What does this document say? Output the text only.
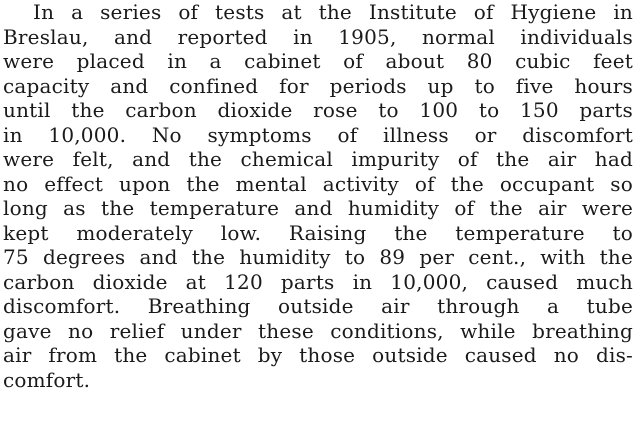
In a series of tests at the Institute of Hygiene in
Breslau, and reported in 1905, normal individuals
were placed in a cabinet of about 80 cubic feet
capacity and confined for periods up to five hours
until the carbon dioxide rose to 100 to 150 parts
in 10,000. No symptoms of illness or discomfort
were felt, and the chemical impurity of the air had
no effect upon the mental activity of the occupant so
long as the temperature and humidity of the air were
kept moderately low. Raising the temperature to
75 degrees and the humidity to 89 per cent., with the
carbon dioxide at 120 parts in 10,000, caused much
discomfort. Breathing outside air through a tube
gave no relief under these conditions, while breathing
air from the cabinet by those outside caused no dis-
comfort.
